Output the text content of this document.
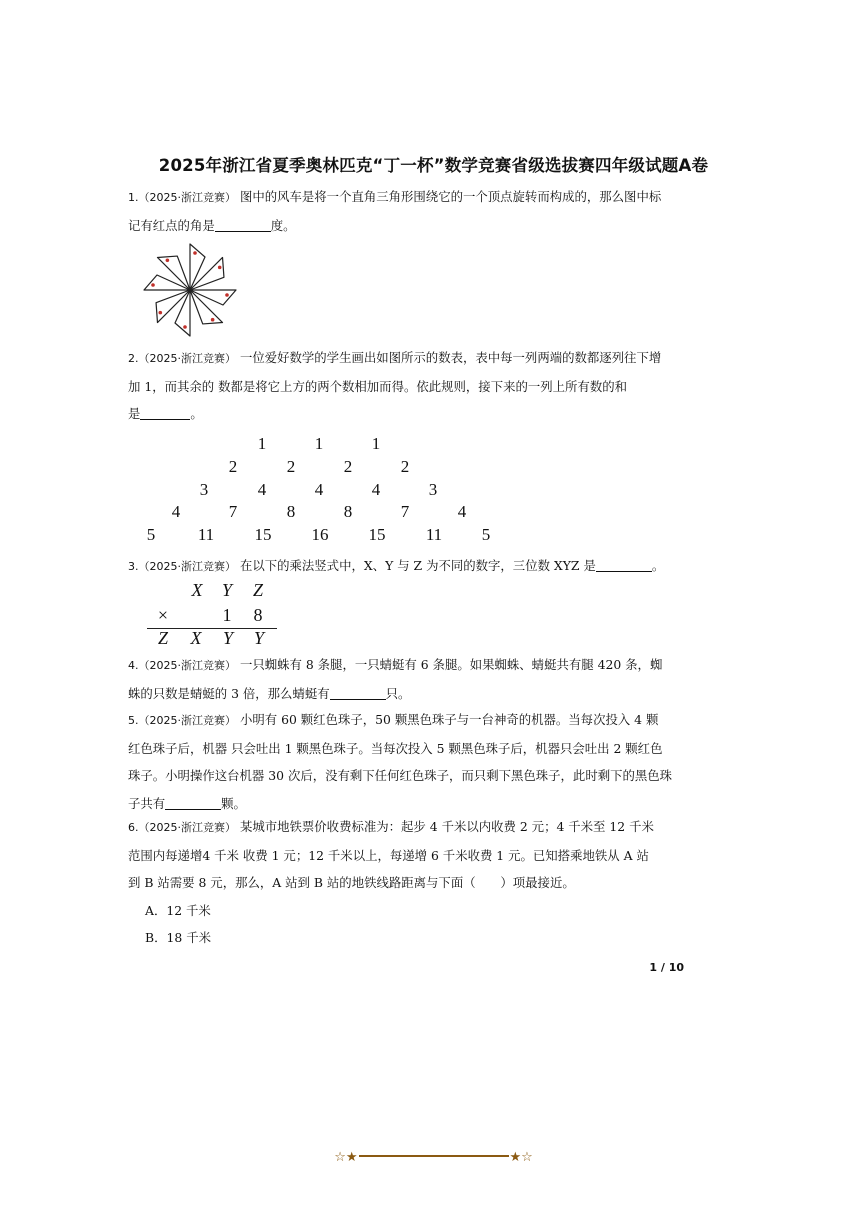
2025年浙江省夏季奥林匹克“丁一杯”数学竞赛省级选拔赛四年级试题A卷
1.（2025·浙江竞赛） 图中的风车是将一个直角三角形围绕它的一个顶点旋转而构成的，那么图中标
记有红点的角是	度。
2.（2025·浙江竞赛） 一位爱好数学的学生画出如图所示的数表，表中每一列两端的数都逐列往下增
加 1，而其余的 数都是将它上方的两个数相加而得。依此规则，接下来的一列上所有数的和
是	。
1	1	1
2	2	2	2
3	4	4	4	3
4	7	8	8	7	4
5	11	15	16	15	11	5
3.（2025·浙江竞赛） 在以下的乘法竖式中，X、Y 与 Z 为不同的数字，三位数 XYZ 是	。
X	Y	Z
×	1	8
Z	X	Y	Y
4.（2025·浙江竞赛） 一只蜘蛛有 8 条腿，一只蜻蜓有 6 条腿。如果蜘蛛、蜻蜓共有腿 420 条，蜘
蛛的只数是蜻蜓的 3 倍，那么蜻蜓有	只。
5.（2025·浙江竞赛） 小明有 60 颗红色珠子，50 颗黑色珠子与一台神奇的机器。当每次投入 4 颗
红色珠子后，机器 只会吐出 1 颗黑色珠子。当每次投入 5 颗黑色珠子后，机器只会吐出 2 颗红色
珠子。小明操作这台机器 30 次后，没有剩下任何红色珠子，而只剩下黑色珠子，此时剩下的黑色珠
子共有	颗。
6.（2025·浙江竞赛） 某城市地铁票价收费标准为：起步 4 千米以内收费 2 元；4 千米至 12 千米
范围内每递增4 千米 收费 1 元；12 千米以上，每递增 6 千米收费 1 元。已知搭乘地铁从 A 站
到 B 站需要 8 元，那么，A 站到 B 站的地铁线路距离与下面（　　）项最接近。
A．12 千米
B．18 千米
1 / 10
☆★	★☆
